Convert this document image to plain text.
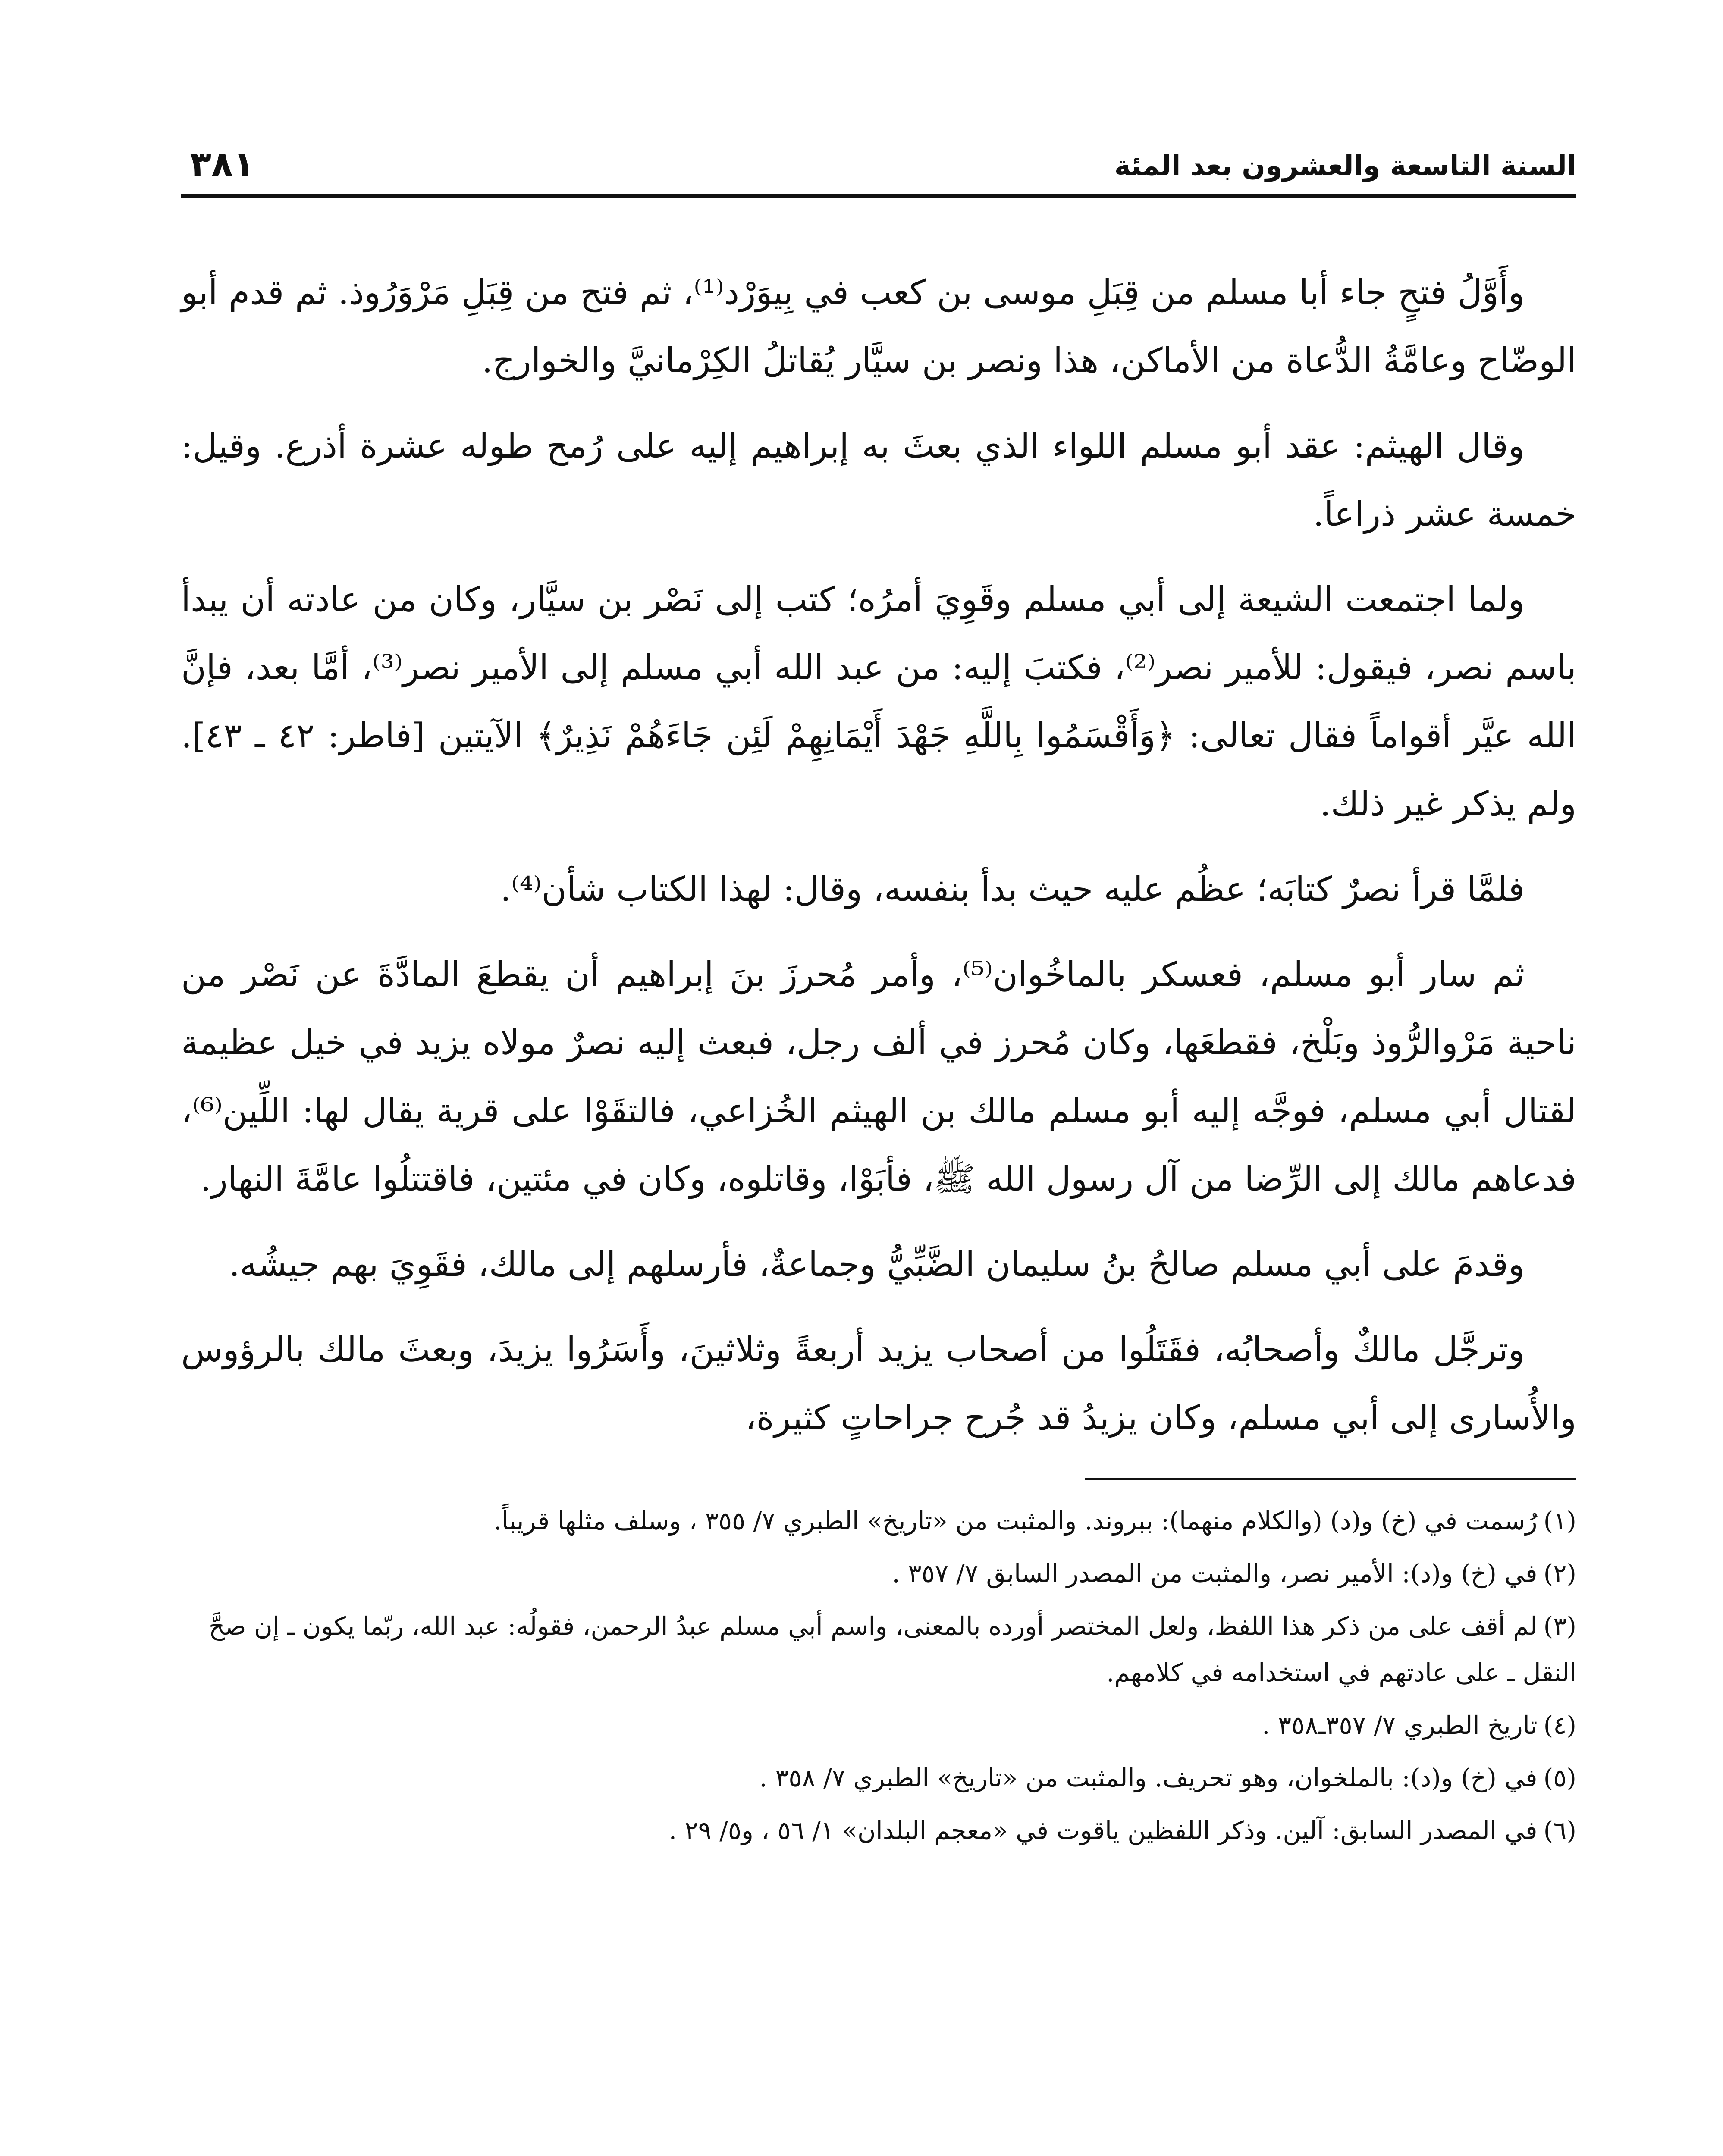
السنة التاسعة والعشرون بعد المئة
٣٨١

وأَوَّلُ فتحٍ جاء أبا مسلم من قِبَلِ موسى بن كعب في بِيوَرْد⁽¹⁾، ثم فتح من قِبَلِ مَرْوَرُوذ. ثم قدم أبو الوضّاح وعامَّةُ الدُّعاة من الأماكن، هذا ونصر بن سيَّار يُقاتلُ الكِرْمانيَّ والخوارج.

وقال الهيثم: عقد أبو مسلم اللواء الذي بعثَ به إبراهيم إليه على رُمح طوله عشرة أذرع. وقيل: خمسة عشر ذراعاً.

ولما اجتمعت الشيعة إلى أبي مسلم وقَوِيَ أمرُه؛ كتب إلى نَصْر بن سيَّار، وكان من عادته أن يبدأ باسم نصر، فيقول: للأمير نصر⁽²⁾، فكتبَ إليه: من عبد الله أبي مسلم إلى الأمير نصر⁽³⁾، أمَّا بعد، فإنَّ الله عيَّر أقواماً فقال تعالى: ﴿وَأَقْسَمُوا بِاللَّهِ جَهْدَ أَيْمَانِهِمْ لَئِن جَاءَهُمْ نَذِيرٌ﴾ الآيتين [فاطر: ٤٢ ـ ٤٣]. ولم يذكر غير ذلك.

فلمَّا قرأ نصرٌ كتابَه؛ عظُم عليه حيث بدأ بنفسه، وقال: لهذا الكتاب شأن⁽⁴⁾.

ثم سار أبو مسلم، فعسكر بالماخُوان⁽⁵⁾، وأمر مُحرزَ بنَ إبراهيم أن يقطعَ المادَّةَ عن نَصْر من ناحية مَرْوالرُّوذ وبَلْخ، فقطعَها، وكان مُحرز في ألف رجل، فبعث إليه نصرٌ مولاه يزيد في خيل عظيمة لقتال أبي مسلم، فوجَّه إليه أبو مسلم مالك بن الهيثم الخُزاعي، فالتقَوْا على قرية يقال لها: اللِّين⁽⁶⁾، فدعاهم مالك إلى الرِّضا من آل رسول الله ﷺ، فأبَوْا، وقاتلوه، وكان في مئتين، فاقتتلُوا عامَّةَ النهار.

وقدمَ على أبي مسلم صالحُ بنُ سليمان الضَّبِّيُّ وجماعةٌ، فأرسلهم إلى مالك، فقَوِيَ بهم جيشُه.

وترجَّل مالكٌ وأصحابُه، فقَتَلُوا من أصحاب يزيد أربعةً وثلاثينَ، وأَسَرُوا يزيدَ، وبعثَ مالك بالرؤوس والأُسارى إلى أبي مسلم، وكان يزيدُ قد جُرح جراحاتٍ كثيرة،

(١)رُسمت في (خ) و(د) (والكلام منهما): ببروند. والمثبت من «تاريخ» الطبري ٧/ ٣٥٥ ، وسلف مثلها قريباً.
(٢)في (خ) و(د): الأمير نصر، والمثبت من المصدر السابق ٧/ ٣٥٧ .
(٣)لم أقف على من ذكر هذا اللفظ، ولعل المختصر أورده بالمعنى، واسم أبي مسلم عبدُ الرحمن، فقولُه: عبد الله، ربّما يكون ـ إن صحَّ النقل ـ على عادتهم في استخدامه في كلامهم.
(٤)تاريخ الطبري ٧/ ٣٥٧ـ٣٥٨ .
(٥)في (خ) و(د): بالملخوان، وهو تحريف. والمثبت من «تاريخ» الطبري ٧/ ٣٥٨ .
(٦)في المصدر السابق: آلين. وذكر اللفظين ياقوت في «معجم البلدان» ١/ ٥٦ ، و٥/ ٢٩ .
